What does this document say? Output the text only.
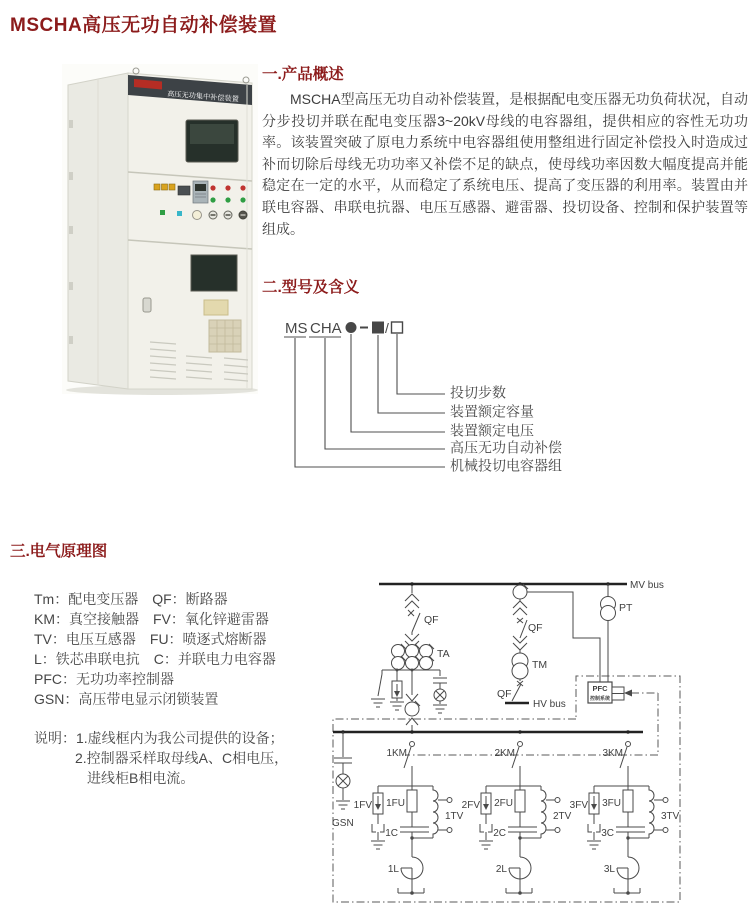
MSCHA高压无功自动补偿装置
高压无功集中补偿装置
一.产品概述
MSCHA型高压无功自动补偿装置，是根据配电变压器无功负荷状况，自动分步投切并联在配电变压器3~20kV母线的电容器组，提供相应的容性无功功率。该装置突破了原电力系统中电容器组使用整组进行固定补偿投入时造成过补而切除后母线无功功率又补偿不足的缺点，使母线功率因数大幅度提高并能稳定在一定的水平，从而稳定了系统电压、提高了变压器的利用率。装置由并联电容器、串联电抗器、电压互感器、避雷器、投切设备、控制和保护装置等组成。
二.型号及含义
MS CHA	/
投切步数
装置额定容量
装置额定电压
高压无功自动补偿
机械投切电容器组
三.电气原理图
Tm：配电变压器　QF：断路器
KM：真空接触器　FV：氧化锌避雷器
TV：电压互感器　FU：喷逐式熔断器
L：铁芯串联电抗　C：并联电力电容器
PFC：无功功率控制器
GSN：高压带电显示闭锁装置
说明：1.虚线框内为我公司提供的设备；
2.控制器采样取母线A、C相电压，
进线柜B相电流。
MV bus
QF
TA
QF
TM
QF
HV bus
PT
PFC
控制系统
GSN
1KM	2KM	3KM
1FV	2FV	3FV
1FU	2FU	3FU
1C	2C	3C
1TV	2TV	3TV
1L	2L	3L
